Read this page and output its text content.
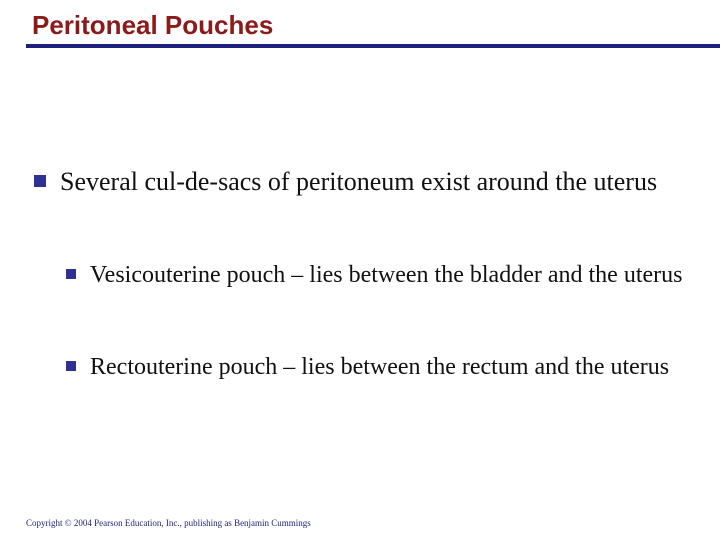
Peritoneal Pouches
Several cul-de-sacs of peritoneum exist around the uterus
Vesicouterine pouch – lies between the bladder and the uterus
Rectouterine pouch – lies between the rectum and the uterus
Copyright © 2004 Pearson Education, Inc., publishing as Benjamin Cummings
